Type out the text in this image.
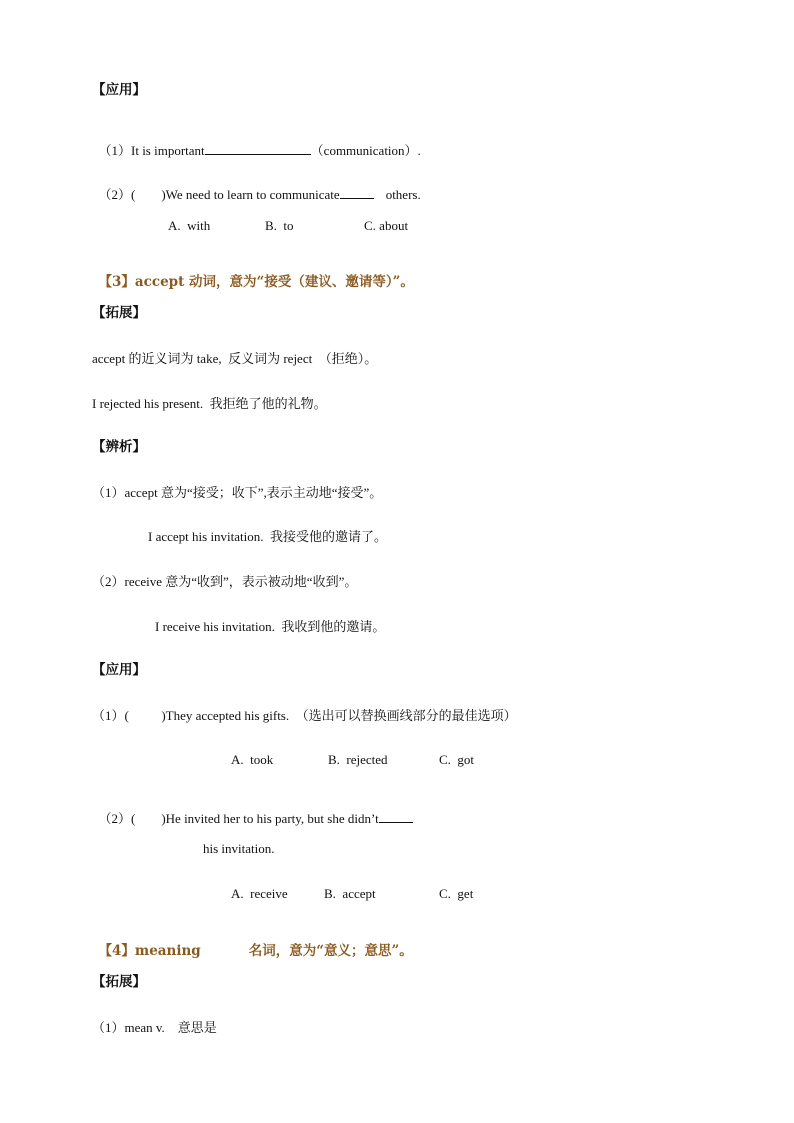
【应用】

（1）It is important	（communication）.

（2）(        )We need to learn to communicate	others.

A.  with	B.  to	C. about

【3】accept 动词，意为“接受（建议、邀请等）”。

【拓展】
accept 的近义词为 take,  反义词为 reject  （拒绝）。
I rejected his present.  我拒绝了他的礼物。
【辨析】
（1）accept 意为“接受；收下”,表示主动地“接受”。
I accept his invitation.  我接受他的邀请了。
（2）receive 意为“收到”，表示被动地“收到”。
I receive his invitation.  我收到他的邀请。
【应用】
（1）(          )They accepted his gifts.  （选出可以替换画线部分的最佳选项）
A.  took	B.  rejected	C.  got

（2）(        )He invited her to his party, but she didn’t

his invitation.
A.  receive	B.  accept	C.  get

【4】meaning	名词，意为“意义；意思”。

【拓展】
（1）mean v.    意思是
